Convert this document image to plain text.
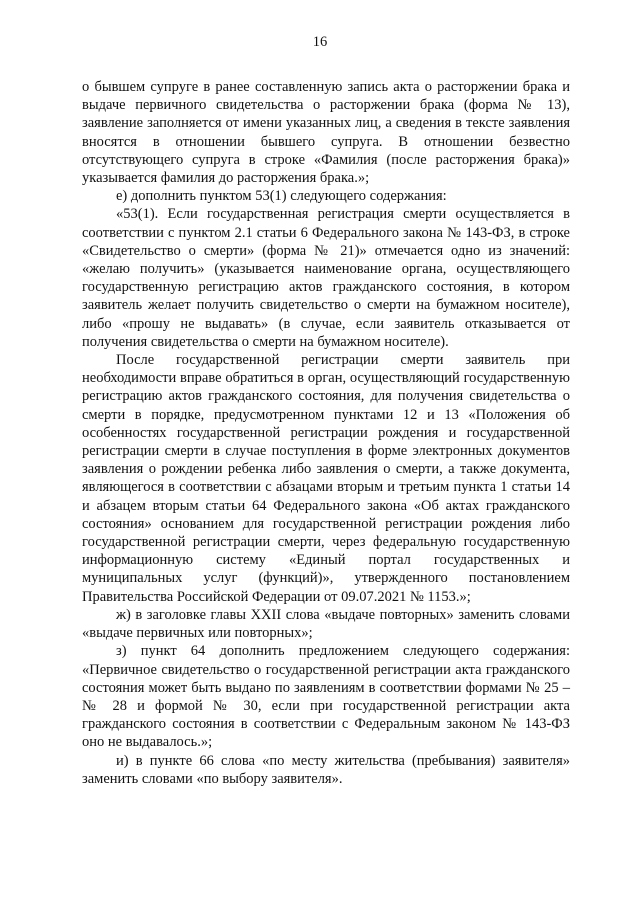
16

о бывшем супруге в ранее составленную запись акта о расторжении брака и выдаче первичного свидетельства о расторжении брака (форма № 13), заявление заполняется от имени указанных лиц, а сведения в тексте заявления вносятся в отношении бывшего супруга. В отношении безвестно отсутствующего супруга в строке «Фамилия (после расторжения брака)» указывается фамилия до расторжения брака.»;

е) дополнить пунктом 53(1) следующего содержания:

«53(1). Если государственная регистрация смерти осуществляется в соответствии с пунктом 2.1 статьи 6 Федерального закона № 143-ФЗ, в строке «Свидетельство о смерти» (форма № 21)» отмечается одно из значений: «желаю получить» (указывается наименование органа, осуществляющего государственную регистрацию актов гражданского состояния, в котором заявитель желает получить свидетельство о смерти на бумажном носителе), либо «прошу не выдавать» (в случае, если заявитель отказывается от получения свидетельства о смерти на бумажном носителе).

После государственной регистрации смерти заявитель при необходимости вправе обратиться в орган, осуществляющий государственную регистрацию актов гражданского состояния, для получения свидетельства о смерти в порядке, предусмотренном пунктами 12 и 13 «Положения об особенностях государственной регистрации рождения и государственной регистрации смерти в случае поступления в форме электронных документов заявления о рождении ребенка либо заявления о смерти, а также документа, являющегося в соответствии с абзацами вторым и третьим пункта 1 статьи 14 и абзацем вторым статьи 64 Федерального закона «Об актах гражданского состояния» основанием для государственной регистрации рождения либо государственной регистрации смерти, через федеральную государственную информационную систему «Единый портал государственных и муниципальных услуг (функций)», утвержденного постановлением Правительства Российской Федерации от 09.07.2021 № 1153.»;

ж) в заголовке главы XXII слова «выдаче повторных» заменить словами «выдаче первичных или повторных»;

з) пункт 64 дополнить предложением следующего содержания: «Первичное свидетельство о государственной регистрации акта гражданского состояния может быть выдано по заявлениям в соответствии формами № 25 – № 28 и формой № 30, если при государственной регистрации акта гражданского состояния в соответствии с Федеральным законом № 143-ФЗ оно не выдавалось.»;

и) в пункте 66 слова «по месту жительства (пребывания) заявителя» заменить словами «по выбору заявителя».
